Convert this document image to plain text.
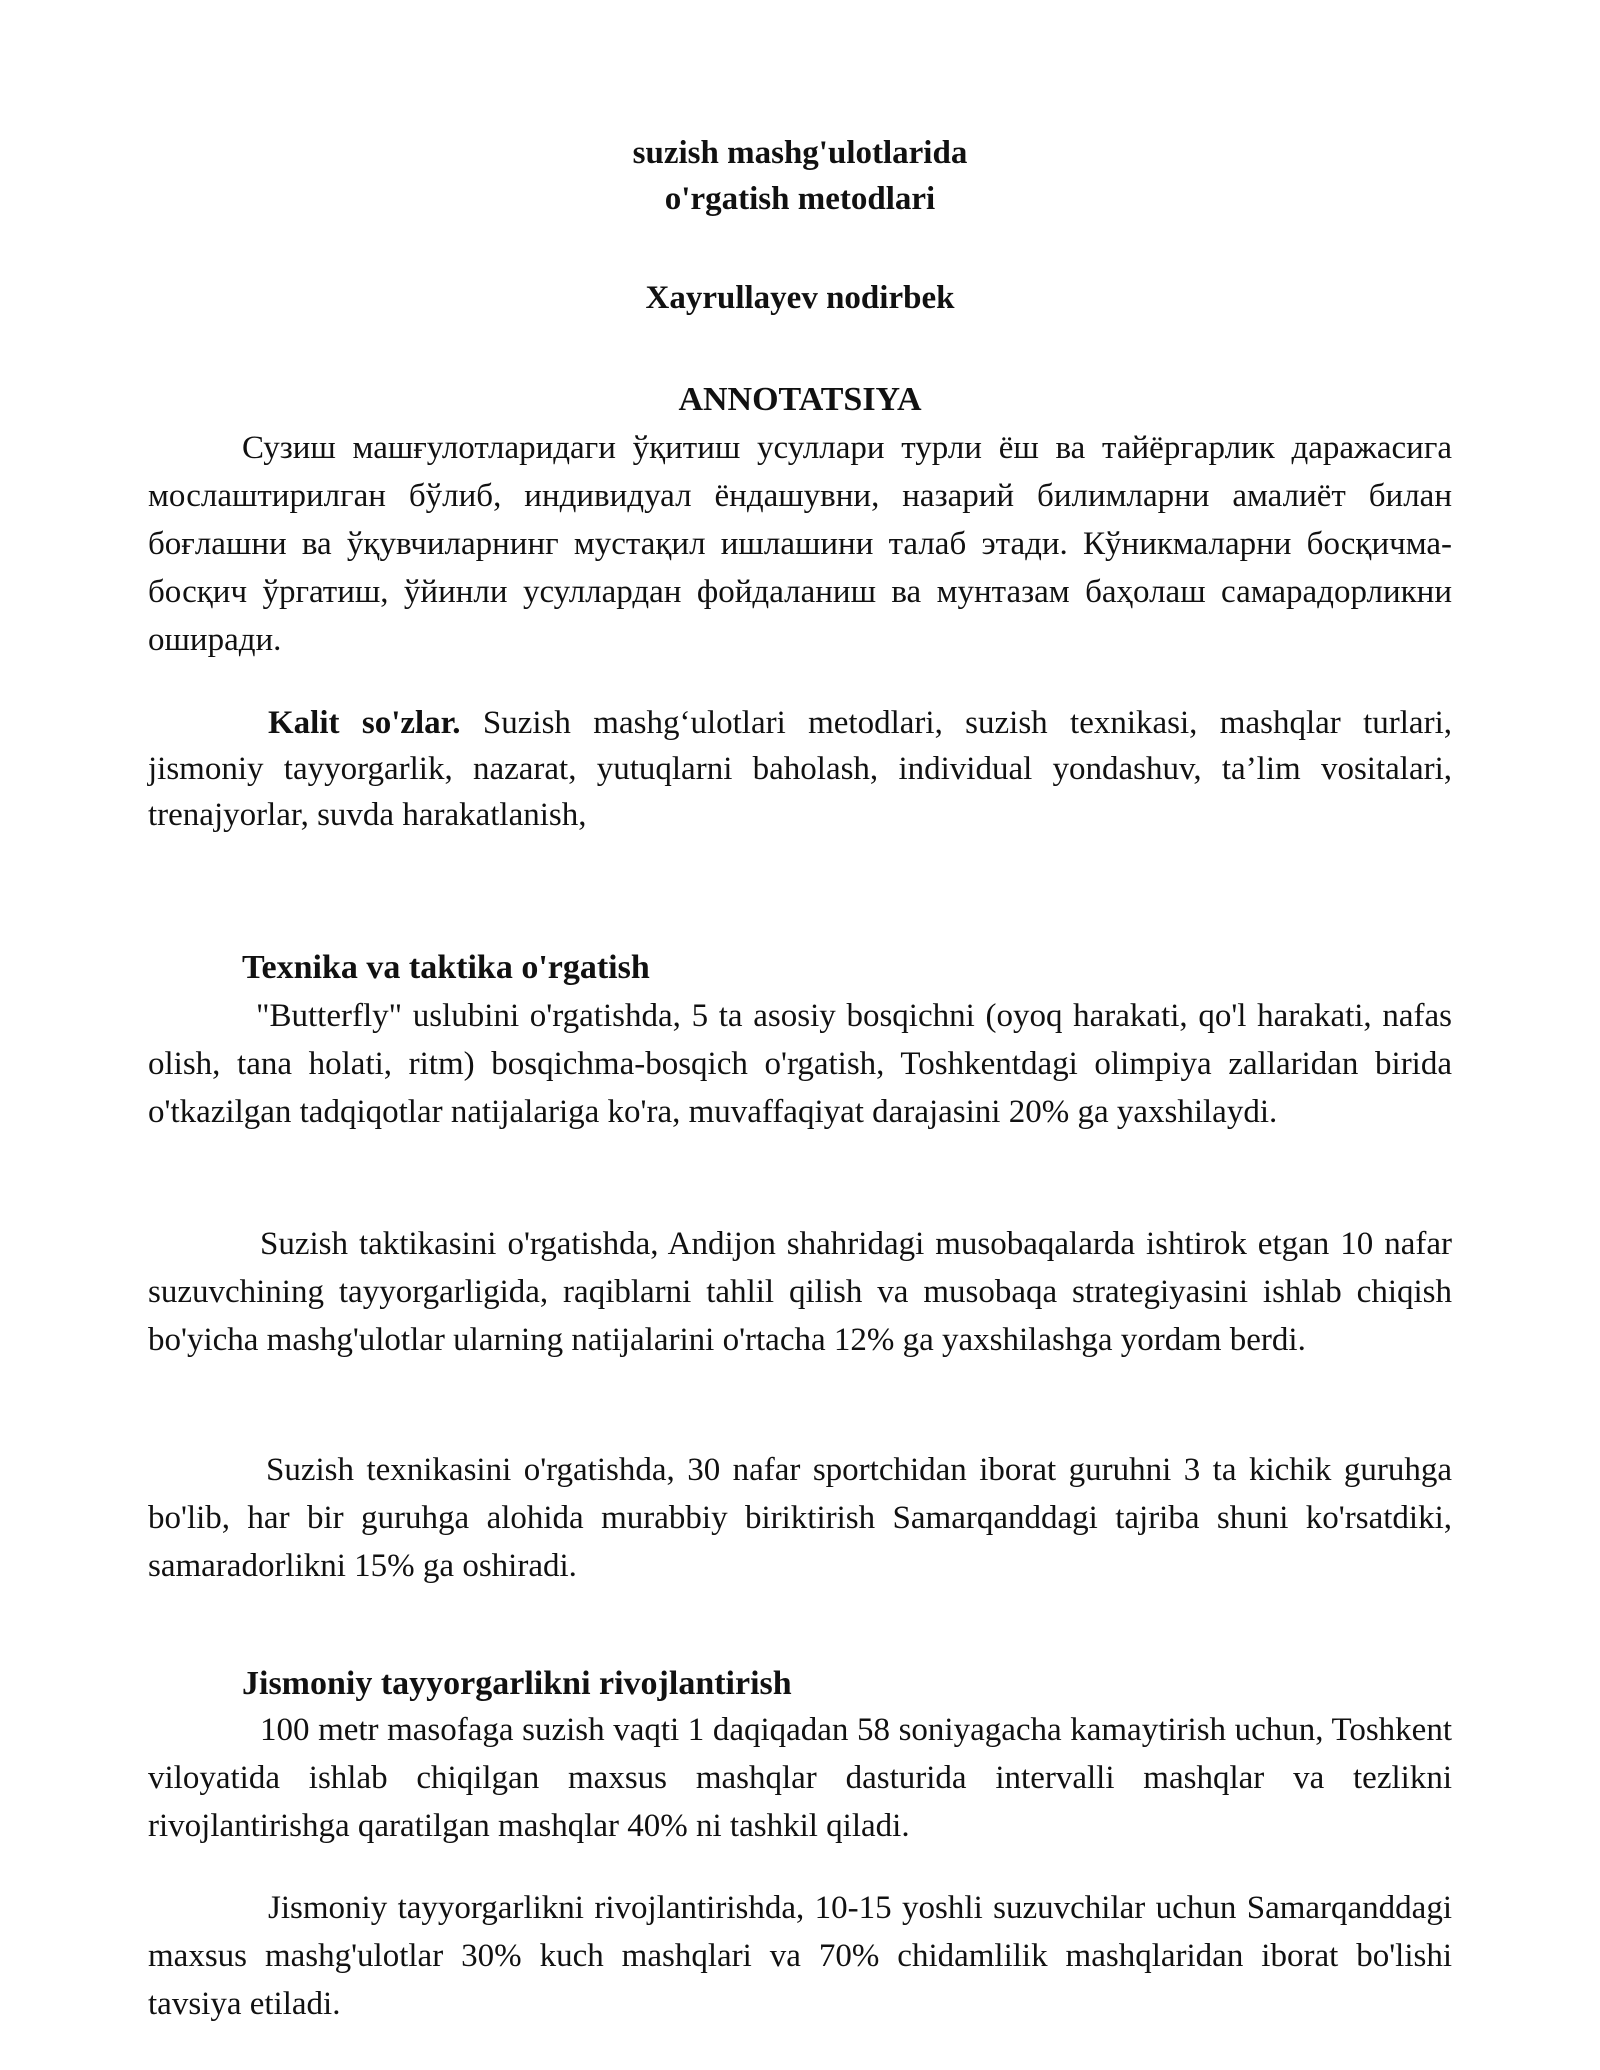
suzish mashg'ulotlarida
o'rgatish metodlari
Xayrullayev nodirbek
ANNOTATSIYA
Сузиш машғулотларидаги ўқитиш усуллари турли ёш ва тайёргарлик даражасига мослаштирилган бўлиб, индивидуал ёндашувни, назарий билимларни амалиёт билан боғлашни ва ўқувчиларнинг мустақил ишлашини талаб этади. Кўникмаларни босқичма-босқич ўргатиш, ўйинли усуллардан фойдаланиш ва мунтазам баҳолаш самарадорликни оширади.
Kalit so'zlar. Suzish mashg‘ulotlari metodlari, suzish texnikasi, mashqlar turlari, jismoniy tayyorgarlik, nazarat, yutuqlarni baholash, individual yondashuv, ta’lim vositalari, trenajyorlar, suvda harakatlanish,
Texnika va taktika o'rgatish
"Butterfly" uslubini o'rgatishda, 5 ta asosiy bosqichni (oyoq harakati, qo'l harakati, nafas olish, tana holati, ritm) bosqichma-bosqich o'rgatish, Toshkentdagi olimpiya zallaridan birida o'tkazilgan tadqiqotlar natijalariga ko'ra, muvaffaqiyat darajasini 20% ga yaxshilaydi.
Suzish taktikasini o'rgatishda, Andijon shahridagi musobaqalarda ishtirok etgan 10 nafar suzuvchining tayyorgarligida, raqiblarni tahlil qilish va musobaqa strategiyasini ishlab chiqish bo'yicha mashg'ulotlar ularning natijalarini o'rtacha 12% ga yaxshilashga yordam berdi.
Suzish texnikasini o'rgatishda, 30 nafar sportchidan iborat guruhni 3 ta kichik guruhga bo'lib, har bir guruhga alohida murabbiy biriktirish Samarqanddagi tajriba shuni ko'rsatdiki, samaradorlikni 15% ga oshiradi.
Jismoniy tayyorgarlikni rivojlantirish
100 metr masofaga suzish vaqti 1 daqiqadan 58 soniyagacha kamaytirish uchun, Toshkent viloyatida ishlab chiqilgan maxsus mashqlar dasturida intervalli mashqlar va tezlikni rivojlantirishga qaratilgan mashqlar 40% ni tashkil qiladi.
Jismoniy tayyorgarlikni rivojlantirishda, 10-15 yoshli suzuvchilar uchun Samarqanddagi maxsus mashg'ulotlar 30% kuch mashqlari va 70% chidamlilik mashqlaridan iborat bo'lishi tavsiya etiladi.
